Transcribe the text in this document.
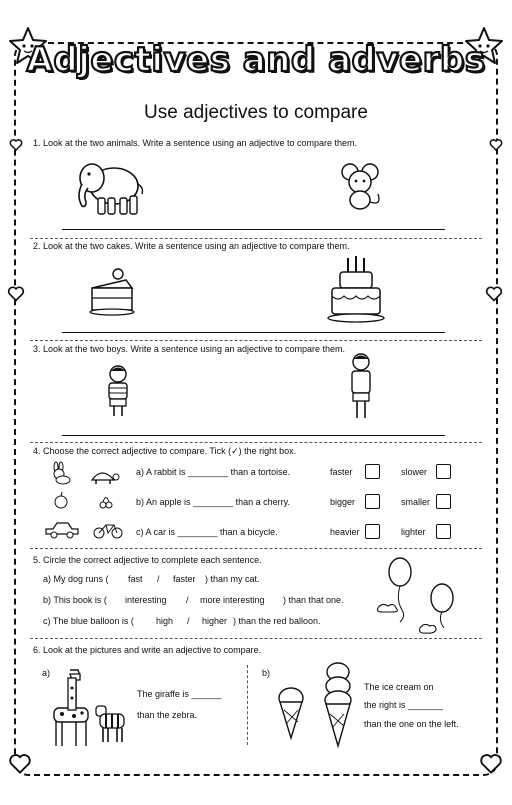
Adjectives and adverbs
Use adjectives to compare
1. Look at the two animals. Write a sentence using an adjective to compare them.
2. Look at the two cakes. Write a sentence using an adjective to compare them.
3. Look at the two boys. Write a sentence using an adjective to compare them.
4. Choose the correct adjective to compare. Tick (✓) the right box.
a) A rabbit is ________ than a tortoise.	faster	slower
b) An apple is ________ than a cherry.	bigger	smaller
c) A car is ________ than a bicycle.	heavier	lighter
5. Circle the correct adjective to complete each sentence.
a) My dog runs ( fast / faster ) than my cat.
b) This book is ( interesting / more interesting ) than that one.
c) The blue balloon is ( high / higher ) than the red balloon.
6. Look at the pictures and write an adjective to compare.
a)	b)
The giraffe is ______
than the zebra.
The ice cream on
the right is _______
than the one on the left.
